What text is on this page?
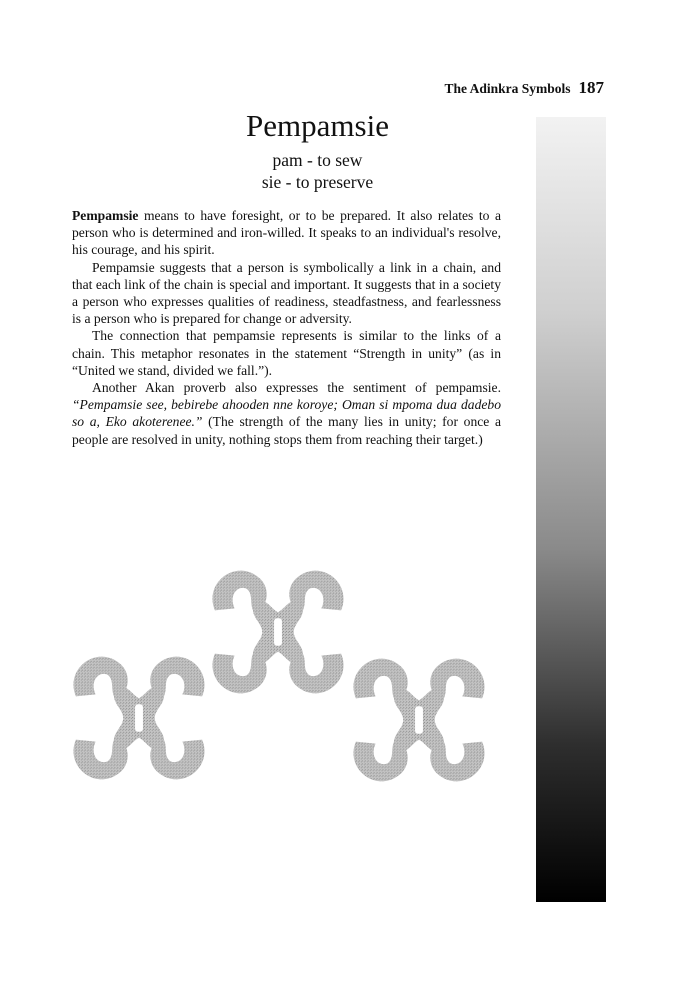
The Adinkra Symbols 187
Pempamsie
pam - to sew
sie - to preserve

Pempamsie means to have foresight, or to be prepared. It also relates to a person who is determined and iron-willed. It speaks to an individual's resolve, his courage, and his spirit.

Pempamsie suggests that a person is symbolically a link in a chain, and that each link of the chain is special and important. It suggests that in a society a person who expresses qualities of readiness, steadfastness, and fearlessness is a person who is prepared for change or adversity.

The connection that pempamsie represents is similar to the links of a chain. This metaphor resonates in the statement “Strength in unity” (as in “United we stand, divided we fall.”).

Another Akan proverb also expresses the sentiment of pempamsie. “Pempamsie see, bebirebe ahooden nne koroye; Oman si mpoma dua dadebo so a, Eko akoterenee.” (The strength of the many lies in unity; for once a people are resolved in unity, nothing stops them from reaching their target.)
